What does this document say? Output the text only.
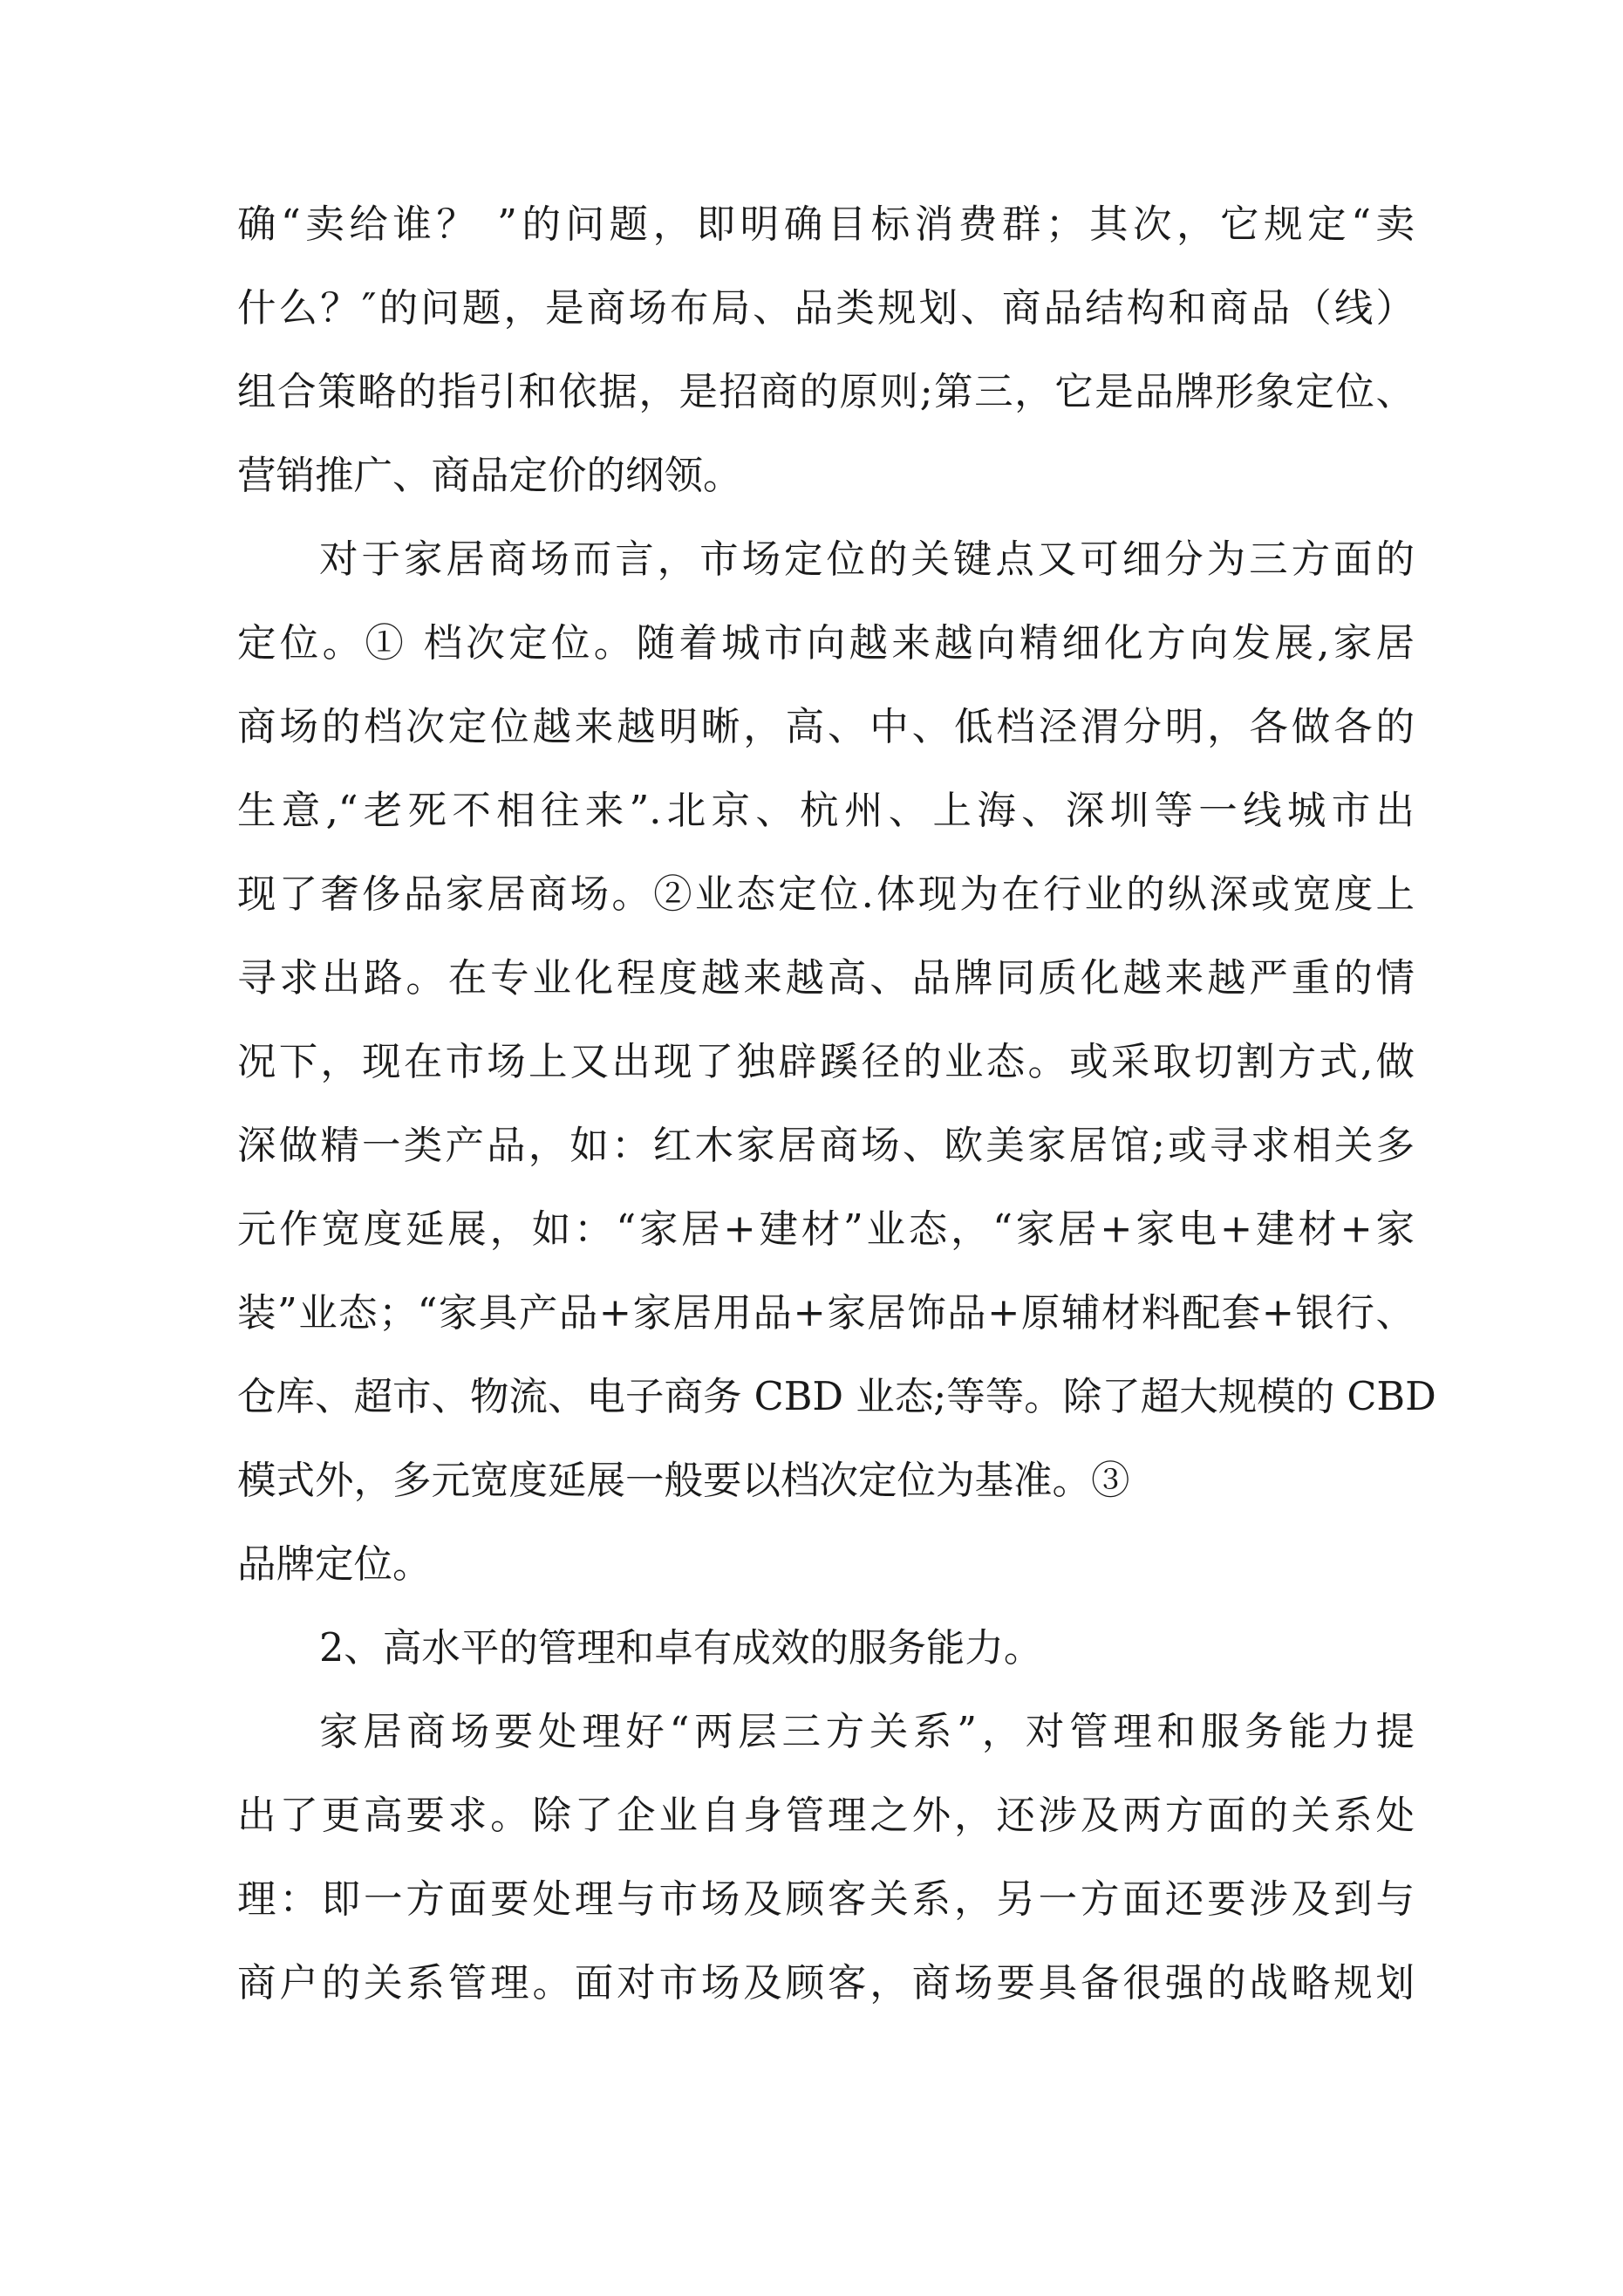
确“卖给谁？ ”的问题，即明确目标消费群；其次，它规定“卖
什么？″的问题，是商场布局、品类规划、商品结构和商品（线）
组合策略的指引和依据，是招商的原则;第三，它是品牌形象定位、
营销推广、商品定价的纲领。
对于家居商场而言，市场定位的关键点又可细分为三方面的
定位。① 档次定位。随着城市向越来越向精细化方向发展,家居
商场的档次定位越来越明晰，高、中、低档泾渭分明，各做各的
生意,“老死不相往来”.北京、杭州、上海、深圳等一线城市出
现了奢侈品家居商场。②业态定位.体现为在行业的纵深或宽度上
寻求出路。在专业化程度越来越高、品牌同质化越来越严重的情
况下，现在市场上又出现了独辟蹊径的业态。或采取切割方式,做
深做精一类产品，如：红木家居商场、欧美家居馆;或寻求相关多
元作宽度延展，如：“家居+建材”业态，“家居+家电+建材+家
装”业态；“家具产品+家居用品+家居饰品+原辅材料配套+银行、
仓库、超市、物流、电子商务 CBD 业态;等等。除了超大规模的 CBD
模式外，多元宽度延展一般要以档次定位为基准。③
品牌定位。
2、高水平的管理和卓有成效的服务能力。
家居商场要处理好“两层三方关系”，对管理和服务能力提
出了更高要求。除了企业自身管理之外，还涉及两方面的关系处
理：即一方面要处理与市场及顾客关系，另一方面还要涉及到与
商户的关系管理。面对市场及顾客，商场要具备很强的战略规划
